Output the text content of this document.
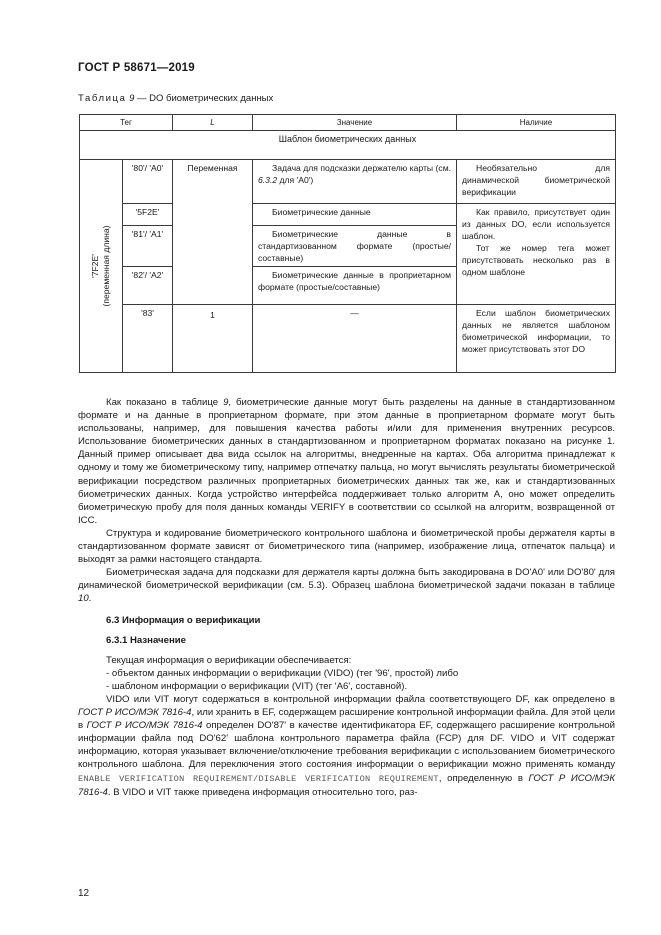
ГОСТ Р 58671—2019
Таблица 9 — DO биометрических данных
Тег		L	Значение	Наличие
Шаблон биометрических данных				

'7F2E' (переменная длина)	'80'/ 'A0'	Переменная	Задача для подсказки держателю карты (см. 6.3.2 для 'A0')	Необязательно для динамической биометрической верификации

	'5F2E'		Биометрические данные	Как правило, присутствует один из данных DO, если используется шаблон.

Тот же номер тега может присутствовать несколько раз в одном шаблоне

	'81'/ 'A1'		Биометрические данные в стандартизованном формате (простые/составные)	

	'82'/ 'A2'		Биометрические данные в проприетарном формате (простые/составные)	

	'83'	1	—	Если шаблон биометрических данных не является шаблоном биометрической информации, то может присутствовать этот DO

Как показано в таблице 9, биометрические данные могут быть разделены на данные в стандартизованном формате и на данные в проприетарном формате, при этом данные в проприетарном формате могут быть использованы, например, для повышения качества работы и/или для применения внутренних ресурсов. Использование биометрических данных в стандартизованном и проприетарном форматах показано на рисунке 1. Данный пример описывает два вида ссылок на алгоритмы, внедренные на картах. Оба алгоритма принадлежат к одному и тому же биометрическому типу, например отпечатку пальца, но могут вычислять результаты биометрической верификации посредством различных проприетарных биометрических данных так же, как и стандартизованных биометрических данных. Когда устройство интерфейса поддерживает только алгоритм A, оно может определить биометрическую пробу для поля данных команды VERIFY в соответствии со ссылкой на алгоритм, возвращенной от ICC.

Структура и кодирование биометрического контрольного шаблона и биометрической пробы держателя карты в стандартизованном формате зависят от биометрического типа (например, изображение лица, отпечаток пальца) и выходят за рамки настоящего стандарта.

Биометрическая задача для подсказки для держателя карты должна быть закодирована в DO'A0' или DO'80' для динамической биометрической верификации (см. 5.3). Образец шаблона биометрической задачи показан в таблице 10.

6.3 Информация о верификации
6.3.1 Назначение

Текущая информация о верификации обеспечивается:

- объектом данных информации о верификации (VIDO) (тег '96', простой) либо

- шаблоном информации о верификации (VIT) (тег 'A6', составной).

VIDO или VIT могут содержаться в контрольной информации файла соответствующего DF, как определено в ГОСТ Р ИСО/МЭК 7816-4, или хранить в EF, содержащем расширение контрольной информации файла. Для этой цели в ГОСТ Р ИСО/МЭК 7816-4 определен DO'87' в качестве идентификатора EF, содержащего расширение контрольной информации файла под DO'62' шаблона контрольного параметра файла (FCP) для DF. VIDO и VIT содержат информацию, которая указывает включение/отключение требования верификации с использованием биометрического контрольного шаблона. Для переключения этого состояния информации о верификации можно применять команду ENABLE VERIFICATION REQUIREMENT/DISABLE VERIFICATION REQUIREMENT, определенную в ГОСТ Р ИСО/МЭК 7816-4. В VIDO и VIT также приведена информация относительно того, раз-

12
